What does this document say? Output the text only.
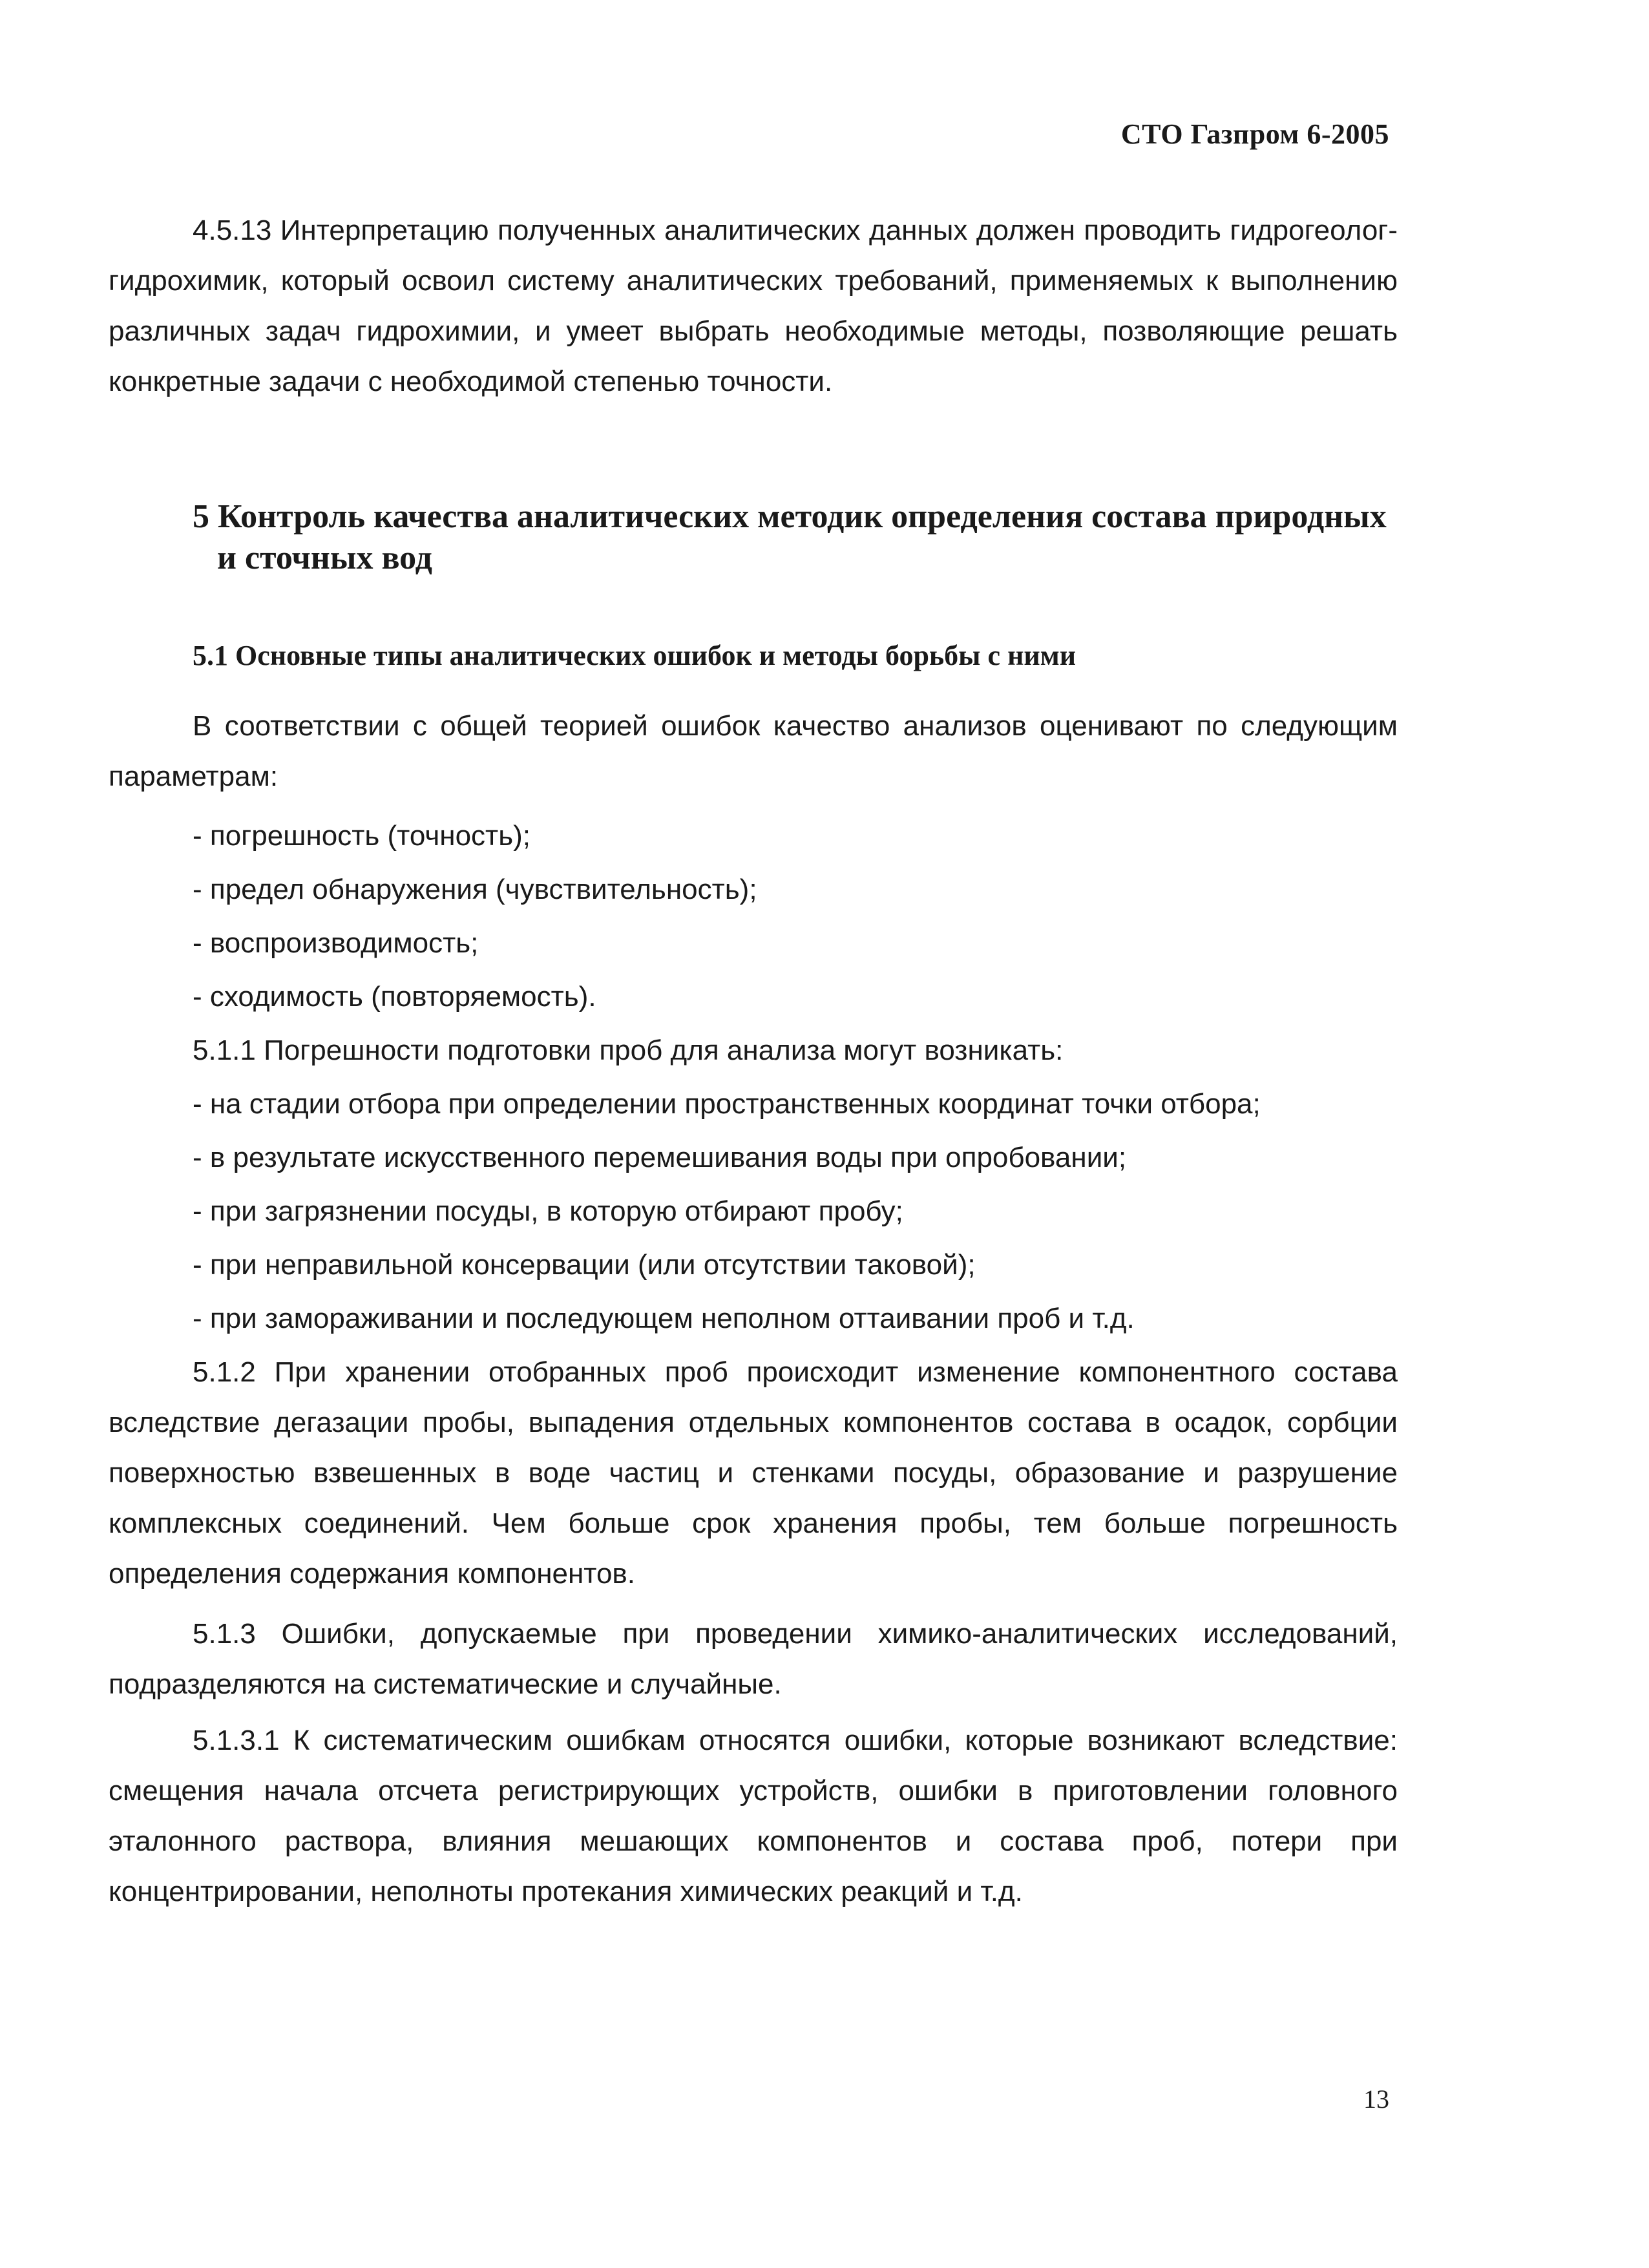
СТО Газпром 6-2005
4.5.13 Интерпретацию полученных аналитических данных должен проводить гидрогеолог-гидрохимик, который освоил систему аналитических требований, применяемых к выполнению различных задач гидрохимии, и умеет выбрать необходимые методы, позволяющие решать конкретные задачи с необходимой степенью точности.
5 Контроль качества аналитических методик определения состава природных
и сточных вод
5.1 Основные типы аналитических ошибок и методы борьбы с ними
В соответствии с общей теорией ошибок качество анализов оценивают по следующим параметрам:
- погрешность (точность);
- предел обнаружения (чувствительность);
- воспроизводимость;
- сходимость (повторяемость).
5.1.1 Погрешности подготовки проб для анализа могут возникать:
- на стадии отбора при определении пространственных координат точки отбора;
- в результате искусственного перемешивания воды при опробовании;
- при загрязнении посуды, в которую отбирают пробу;
- при неправильной консервации (или отсутствии таковой);
- при замораживании и последующем неполном оттаивании проб и т.д.
5.1.2 При хранении отобранных проб происходит изменение компонентного состава вследствие дегазации пробы, выпадения отдельных компонентов состава в осадок, сорбции поверхностью взвешенных в воде частиц и стенками посуды, образование и разрушение комплексных соединений. Чем больше срок хранения пробы, тем больше погрешность определения содержания компонентов.
5.1.3 Ошибки, допускаемые при проведении химико-аналитических исследований, подразделяются на систематические и случайные.
5.1.3.1 К систематическим ошибкам относятся ошибки, которые возникают вследствие: смещения начала отсчета регистрирующих устройств, ошибки в приготовлении головного эталонного раствора, влияния мешающих компонентов и состава проб, потери при концентрировании, неполноты протекания химических реакций и т.д.
13
